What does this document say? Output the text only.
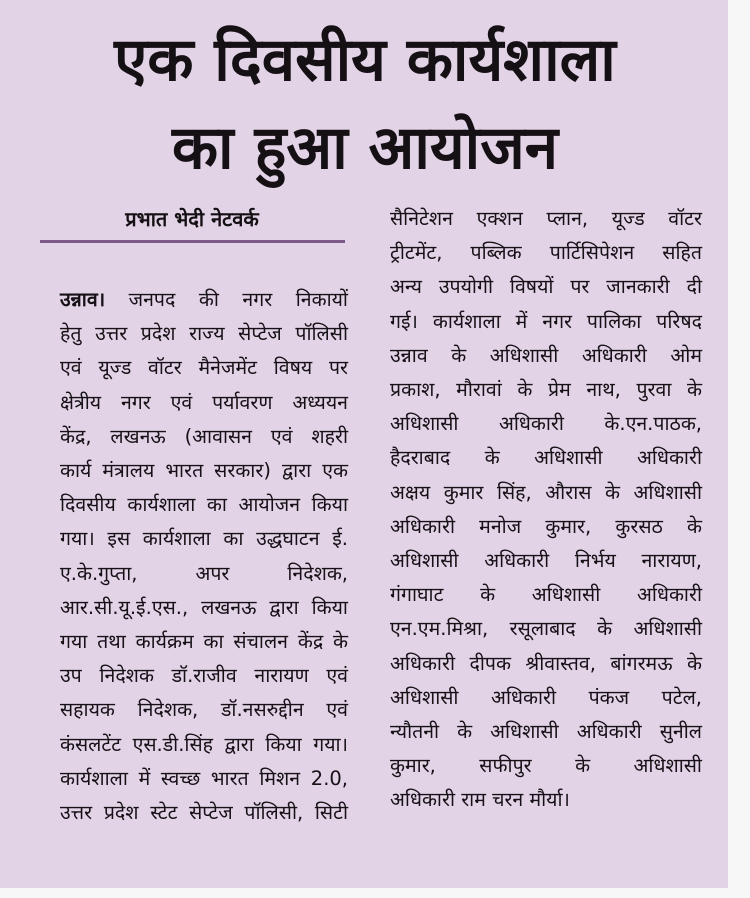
एक दिवसीय कार्यशाला
का हुआ आयोजन
प्रभात भेदी नेटवर्क
उन्नाव। जनपद की नगर निकायों
हेतु उत्तर प्रदेश राज्य सेप्टेज पॉलिसी
एवं यूज्ड वॉटर मैनेजमेंट विषय पर
क्षेत्रीय नगर एवं पर्यावरण अध्ययन
केंद्र, लखनऊ (आवासन एवं शहरी
कार्य मंत्रालय भारत सरकार) द्वारा एक
दिवसीय कार्यशाला का आयोजन किया
गया। इस कार्यशाला का उद्धघाटन ई.
ए.के.गुप्ता, अपर निदेशक,
आर.सी.यू.ई.एस., लखनऊ द्वारा किया
गया तथा कार्यक्रम का संचालन केंद्र के
उप निदेशक डॉ.राजीव नारायण एवं
सहायक निदेशक, डॉ.नसरुद्दीन एवं
कंसलटेंट एस.डी.सिंह द्वारा किया गया।
कार्यशाला में स्वच्छ भारत मिशन 2.0,
उत्तर प्रदेश स्टेट सेप्टेज पॉलिसी, सिटी
सैनिटेशन एक्शन प्लान, यूज्ड वॉटर
ट्रीटमेंट, पब्लिक पार्टिसिपेशन सहित
अन्य उपयोगी विषयों पर जानकारी दी
गई। कार्यशाला में नगर पालिका परिषद
उन्नाव के अधिशासी अधिकारी ओम
प्रकाश, मौरावां के प्रेम नाथ, पुरवा के
अधिशासी अधिकारी के.एन.पाठक,
हैदराबाद के अधिशासी अधिकारी
अक्षय कुमार सिंह, औरास के अधिशासी
अधिकारी मनोज कुमार, कुरसठ के
अधिशासी अधिकारी निर्भय नारायण,
गंगाघाट के अधिशासी अधिकारी
एन.एम.मिश्रा, रसूलाबाद के अधिशासी
अधिकारी दीपक श्रीवास्तव, बांगरमऊ के
अधिशासी अधिकारी पंकज पटेल,
न्यौतनी के अधिशासी अधिकारी सुनील
कुमार, सफीपुर के अधिशासी
अधिकारी राम चरन मौर्या।
